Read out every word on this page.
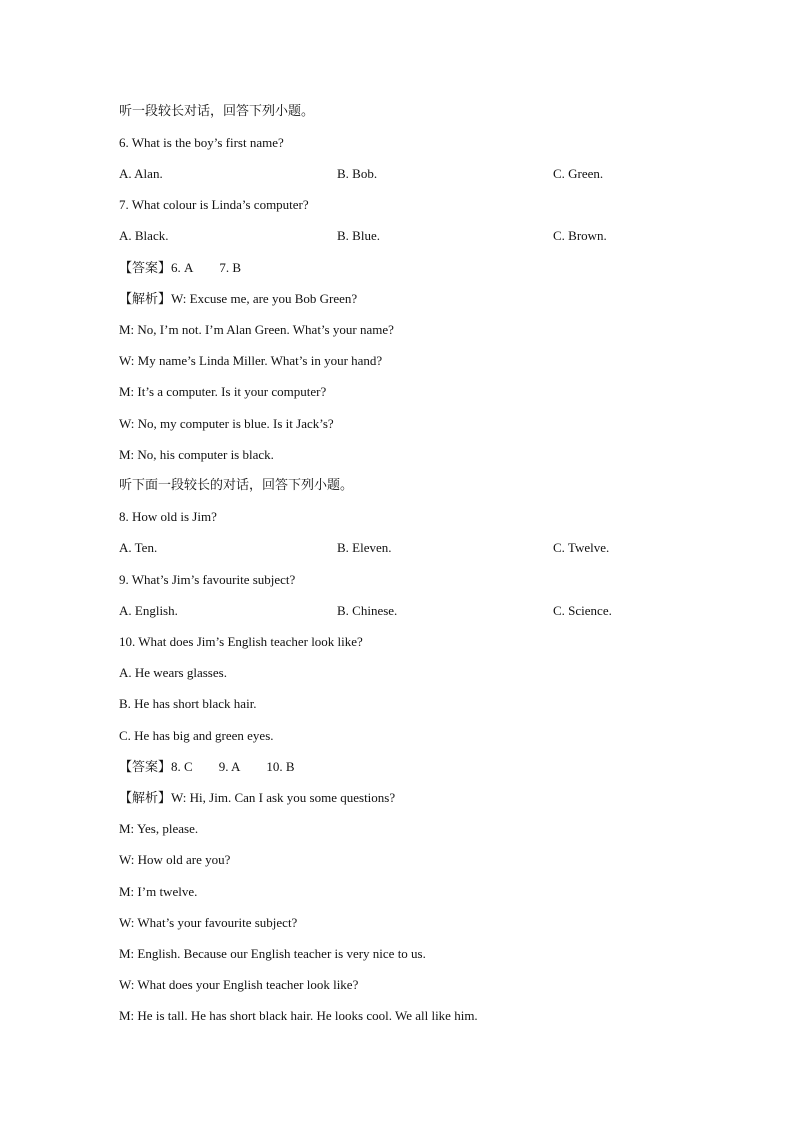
听一段较长对话，回答下列小题。
6. What is the boy’s first name?
A. Alan.	B. Bob.	C. Green.
7. What colour is Linda’s computer?
A. Black.	B. Blue.	C. Brown.
【答案】6. A 7. B
【解析】W: Excuse me, are you Bob Green?
M: No, I’m not. I’m Alan Green. What’s your name?
W: My name’s Linda Miller. What’s in your hand?
M: It’s a computer. Is it your computer?
W: No, my computer is blue. Is it Jack’s?
M: No, his computer is black.
听下面一段较长的对话，回答下列小题。
8. How old is Jim?
A. Ten.	B. Eleven.	C. Twelve.
9. What’s Jim’s favourite subject?
A. English.	B. Chinese.	C. Science.
10. What does Jim’s English teacher look like?
A. He wears glasses.
B. He has short black hair.
C. He has big and green eyes.
【答案】8. C 9. A 10. B
【解析】W: Hi, Jim. Can I ask you some questions?
M: Yes, please.
W: How old are you?
M: I’m twelve.
W: What’s your favourite subject?
M: English. Because our English teacher is very nice to us.
W: What does your English teacher look like?
M: He is tall. He has short black hair. He looks cool. We all like him.
